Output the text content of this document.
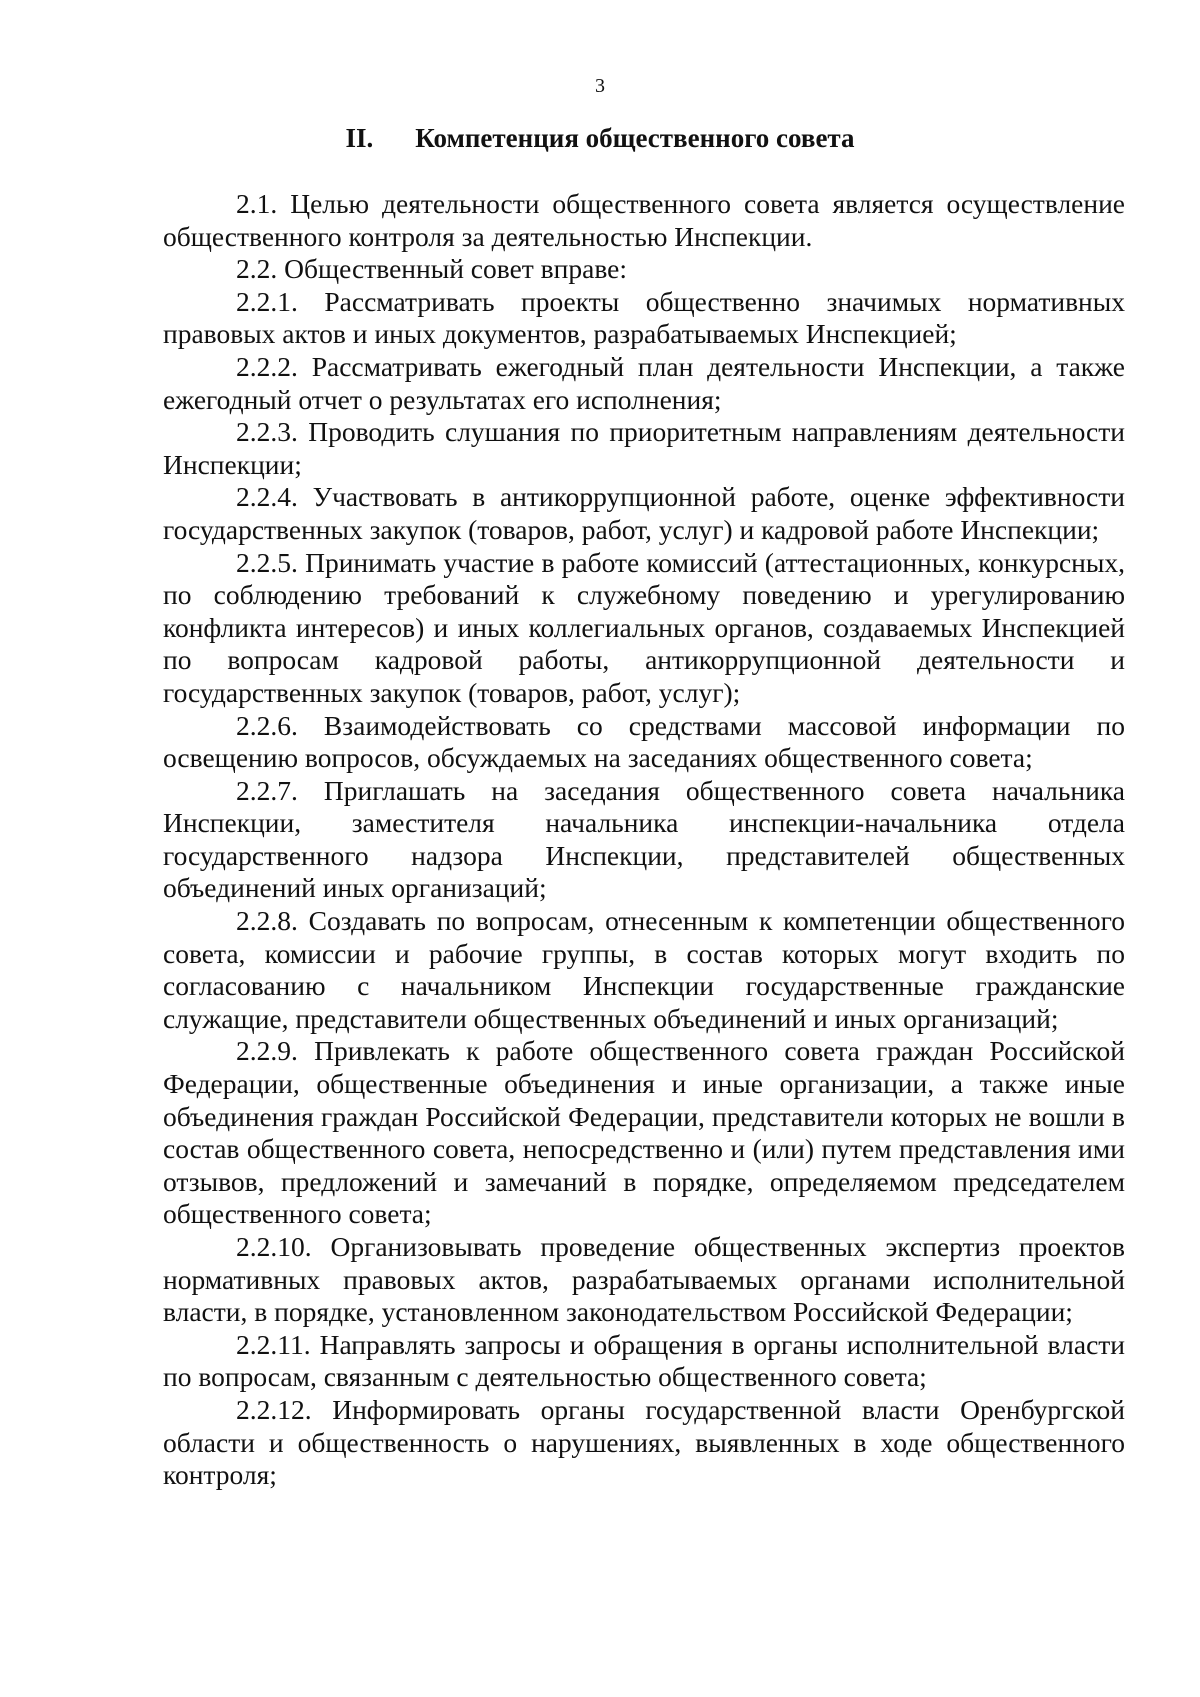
3
II. Компетенция общественного совета

2.1. Целью деятельности общественного совета является осуществление общественного контроля за деятельностью Инспекции.

2.2. Общественный совет вправе:

2.2.1. Рассматривать проекты общественно значимых нормативных правовых актов и иных документов, разрабатываемых Инспекцией;

2.2.2. Рассматривать ежегодный план деятельности Инспекции, а также ежегодный отчет о результатах его исполнения;

2.2.3. Проводить слушания по приоритетным направлениям деятельности Инспекции;

2.2.4. Участвовать в антикоррупционной работе, оценке эффективности государственных закупок (товаров, работ, услуг) и кадровой работе Инспекции;

2.2.5. Принимать участие в работе комиссий (аттестационных, конкурсных, по соблюдению требований к служебному поведению и урегулированию конфликта интересов) и иных коллегиальных органов, создаваемых Инспекцией по вопросам кадровой работы, антикоррупционной деятельности и государственных закупок (товаров, работ, услуг);

2.2.6. Взаимодействовать со средствами массовой информации по освещению вопросов, обсуждаемых на заседаниях общественного совета;

2.2.7. Приглашать на заседания общественного совета начальника Инспекции, заместителя начальника инспекции-начальника отдела государственного надзора Инспекции, представителей общественных объединений иных организаций;

2.2.8. Создавать по вопросам, отнесенным к компетенции общественного совета, комиссии и рабочие группы, в состав которых могут входить по согласованию с начальником Инспекции государственные гражданские служащие, представители общественных объединений и иных организаций;

2.2.9. Привлекать к работе общественного совета граждан Российской Федерации, общественные объединения и иные организации, а также иные объединения граждан Российской Федерации, представители которых не вошли в состав общественного совета, непосредственно и (или) путем представления ими отзывов, предложений и замечаний в порядке, определяемом председателем общественного совета;

2.2.10. Организовывать проведение общественных экспертиз проектов нормативных правовых актов, разрабатываемых органами исполнительной власти, в порядке, установленном законодательством Российской Федерации;

2.2.11. Направлять запросы и обращения в органы исполнительной власти по вопросам, связанным с деятельностью общественного совета;

2.2.12. Информировать органы государственной власти Оренбургской области и общественность о нарушениях, выявленных в ходе общественного контроля;
